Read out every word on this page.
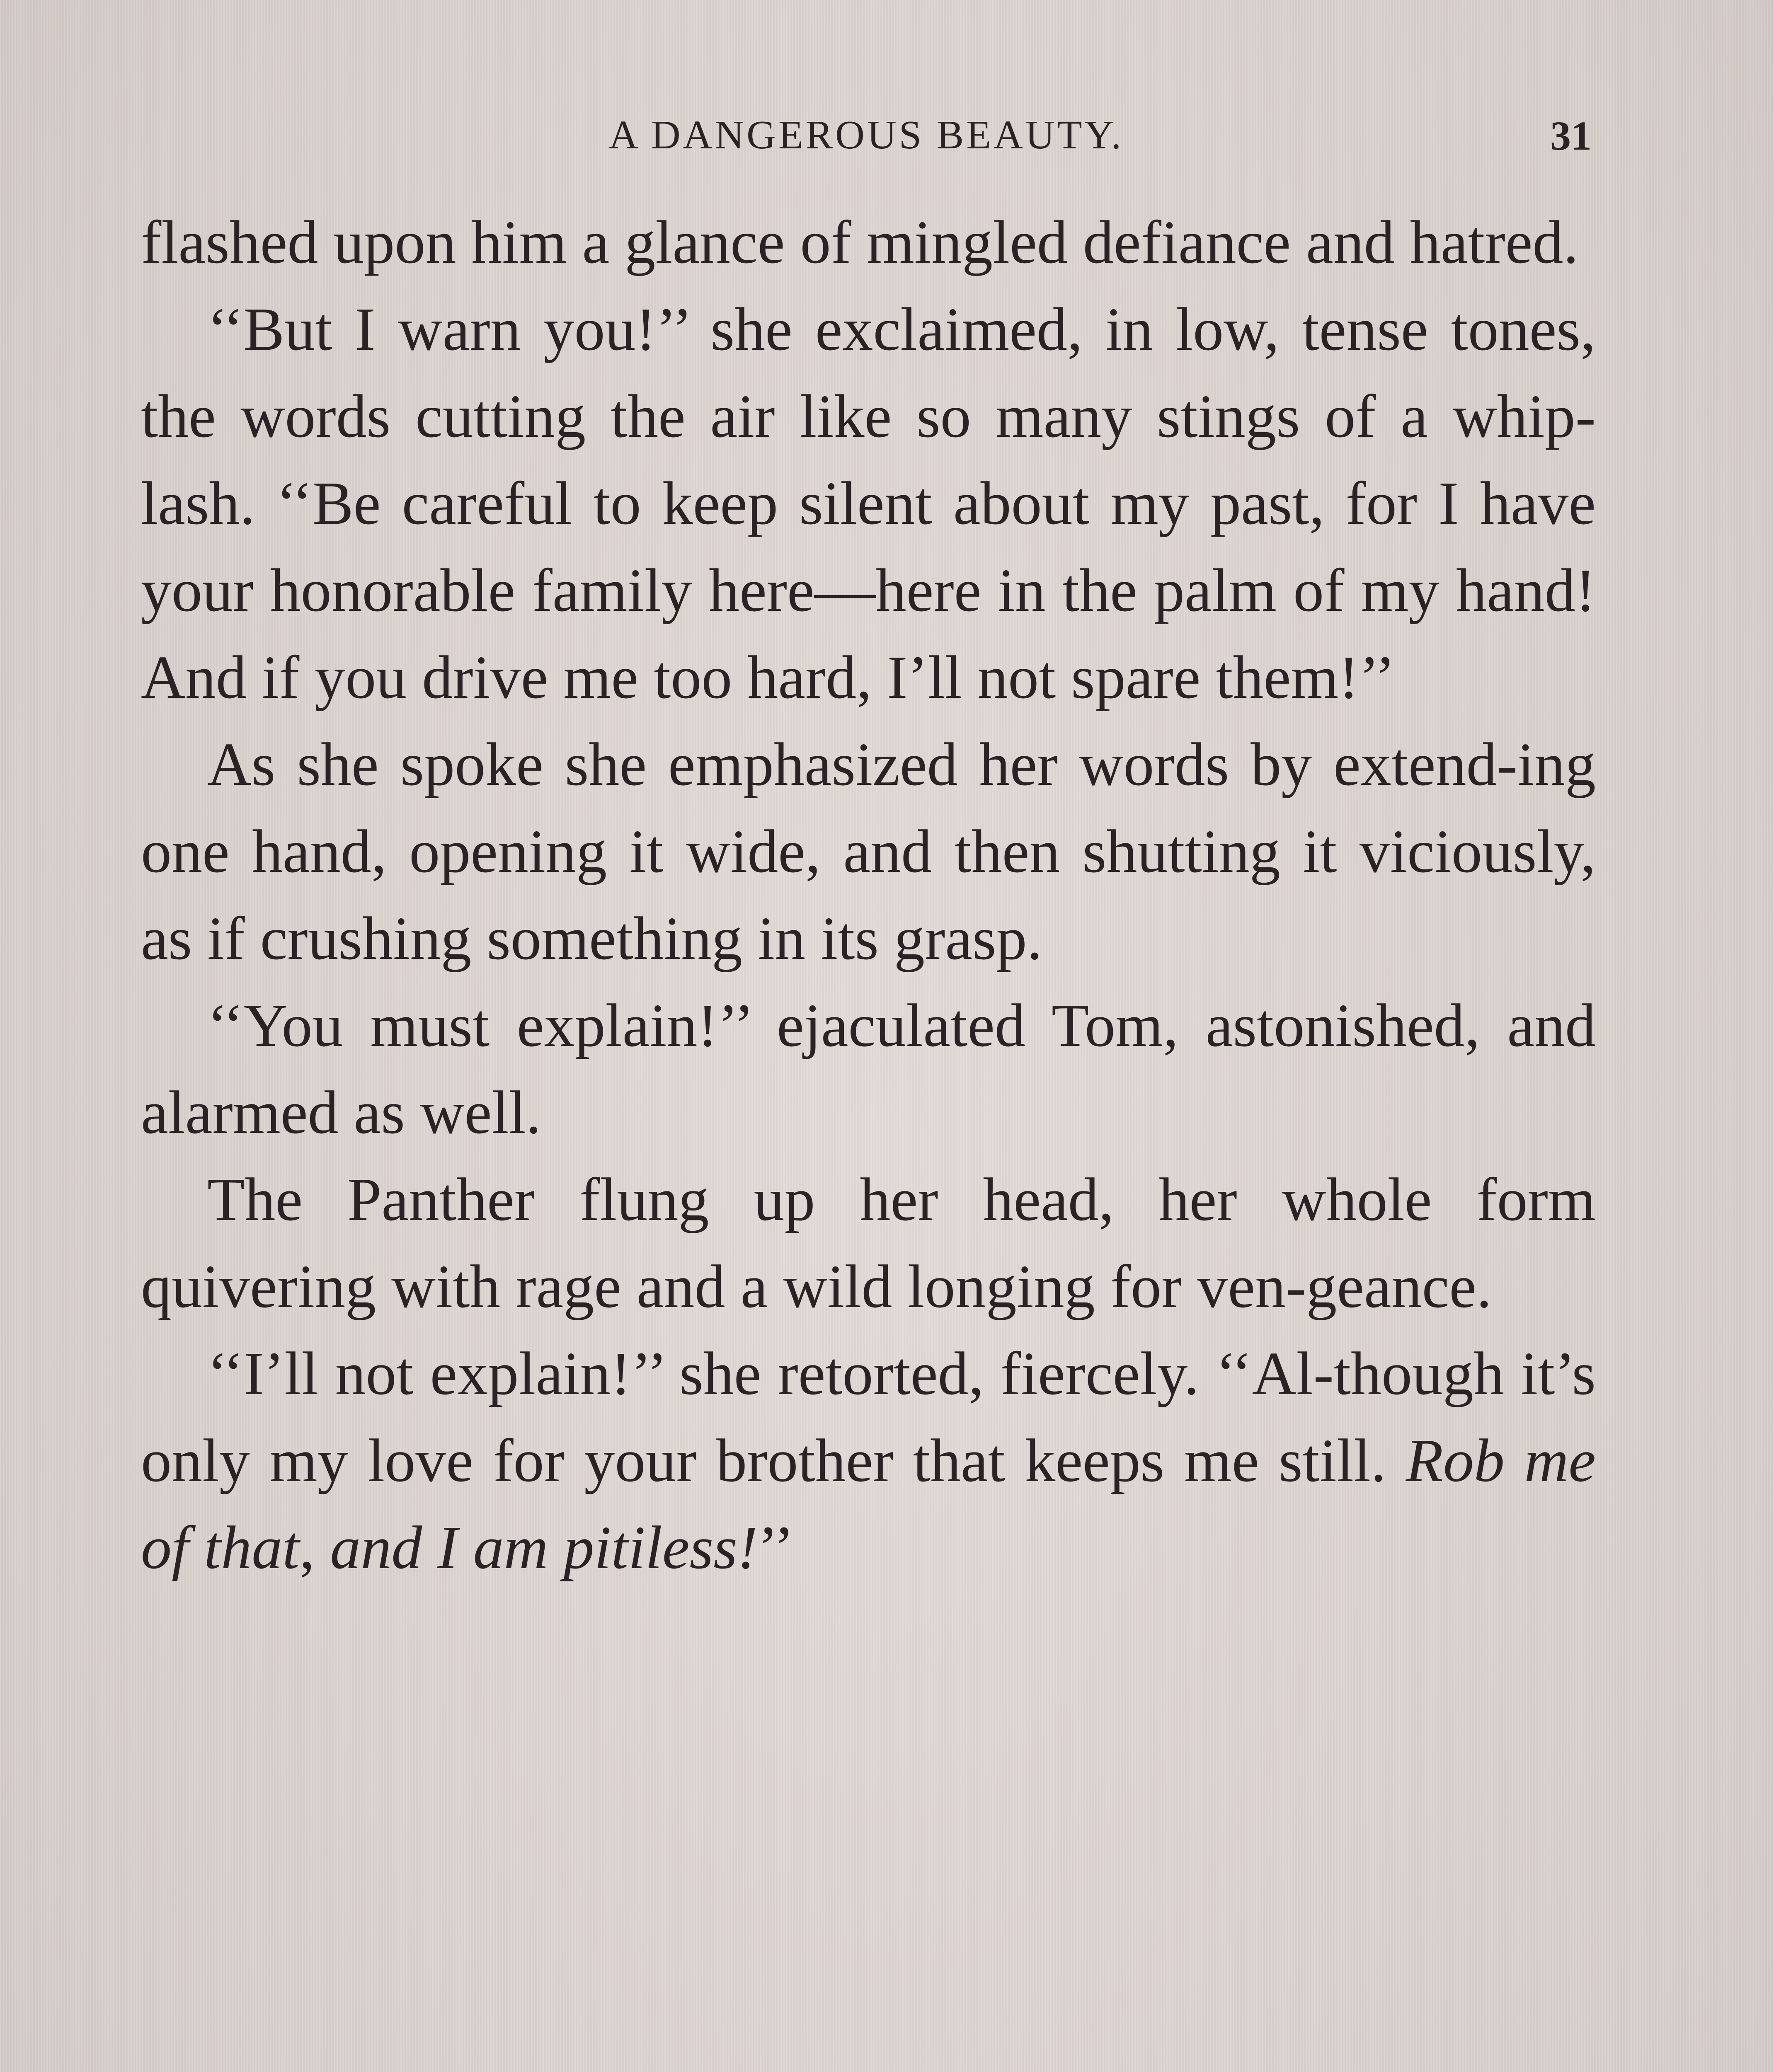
A DANGEROUS BEAUTY.	31

flashed upon him a glance of mingled defiance and hatred.

‘‘But I warn you!’’ she exclaimed, in low, tense tones, the words cutting the air like so many stings of a whip-lash. ‘‘Be careful to keep silent about my past, for I have your honorable family here—here in the palm of my hand! And if you drive me too hard, I’ll not spare them!’’

As she spoke she emphasized her words by extend-ing one hand, opening it wide, and then shutting it viciously, as if crushing something in its grasp.

‘‘You must explain!’’ ejaculated Tom, astonished, and alarmed as well.

The Panther flung up her head, her whole form quivering with rage and a wild longing for ven-geance.

‘‘I’ll not explain!’’ she retorted, fiercely. ‘‘Al-though it’s only my love for your brother that keeps me still. Rob me of that, and I am pitiless!’’
